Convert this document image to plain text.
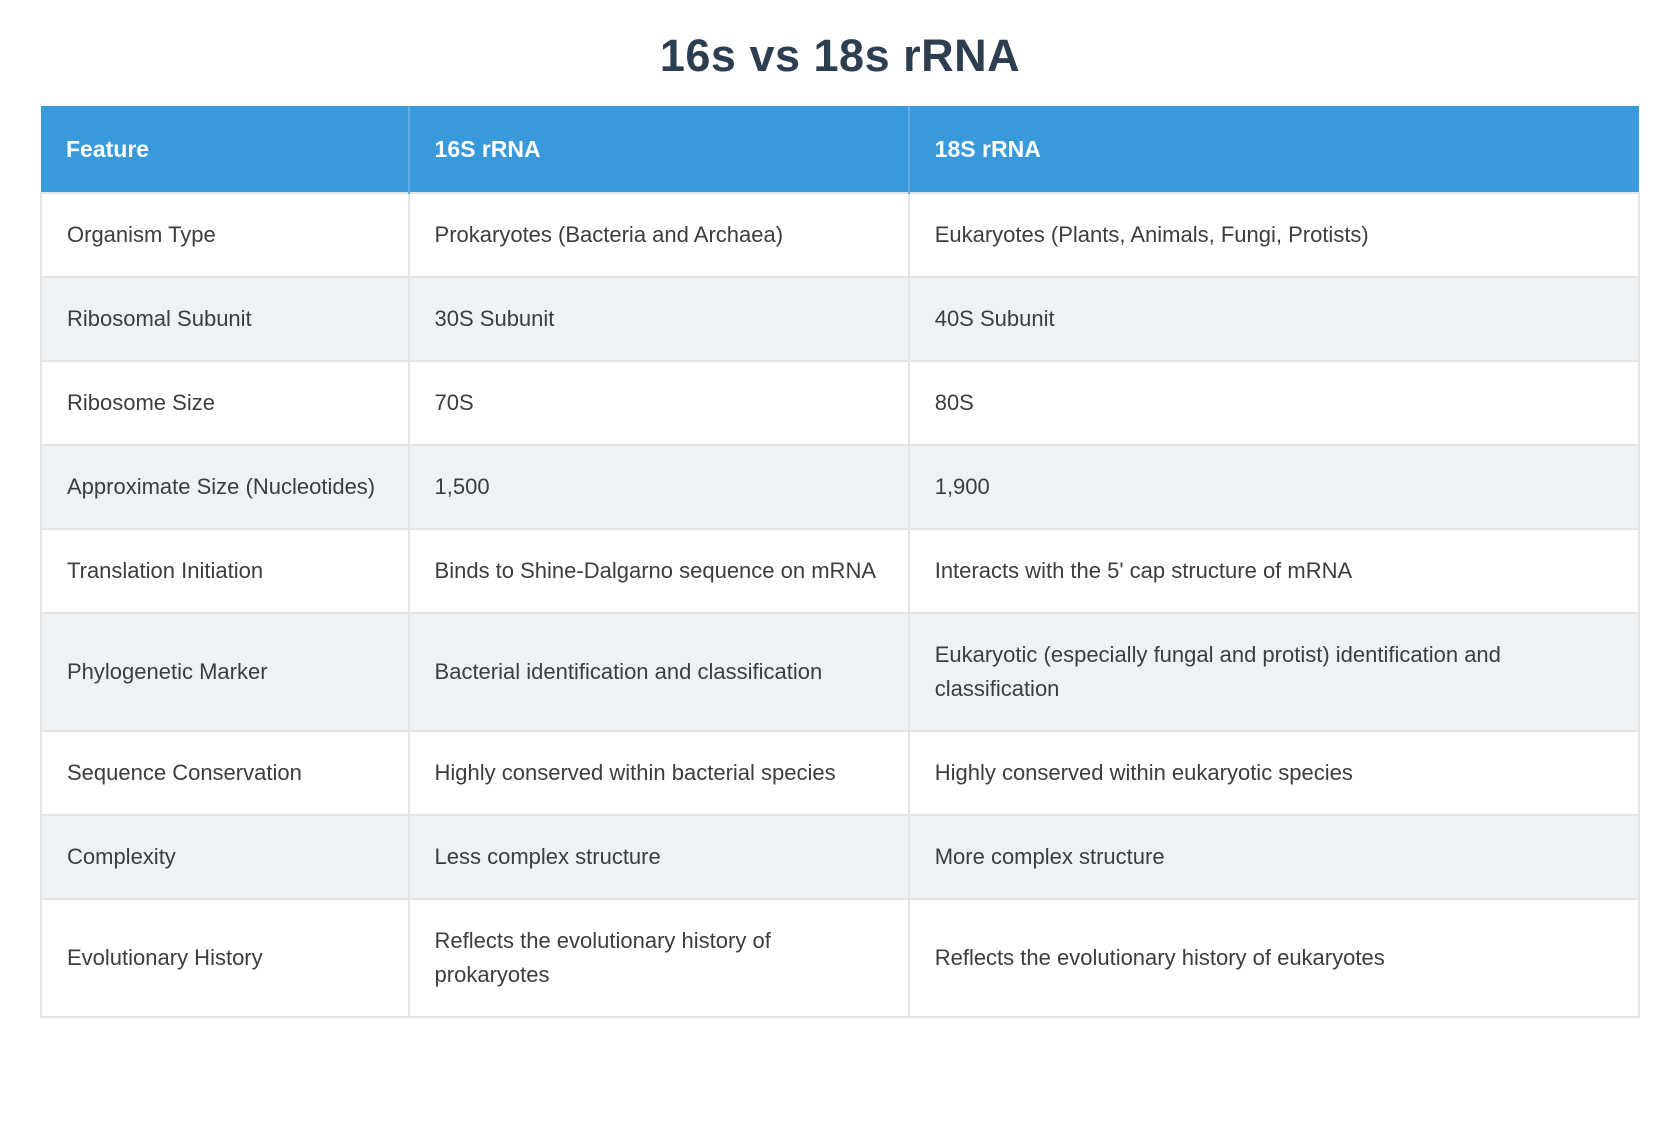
16s vs 18s rRNA
Feature	16S rRNA	18S rRNA
Organism Type	Prokaryotes (Bacteria and Archaea)	Eukaryotes (Plants, Animals, Fungi, Protists)
Ribosomal Subunit	30S Subunit	40S Subunit
Ribosome Size	70S	80S
Approximate Size (Nucleotides)	1,500	1,900
Translation Initiation	Binds to Shine-Dalgarno sequence on mRNA	Interacts with the 5' cap structure of mRNA
Phylogenetic Marker	Bacterial identification and classification	Eukaryotic (especially fungal and protist) identification and classification
Sequence Conservation	Highly conserved within bacterial species	Highly conserved within eukaryotic species
Complexity	Less complex structure	More complex structure
Evolutionary History	Reflects the evolutionary history of prokaryotes	Reflects the evolutionary history of eukaryotes
